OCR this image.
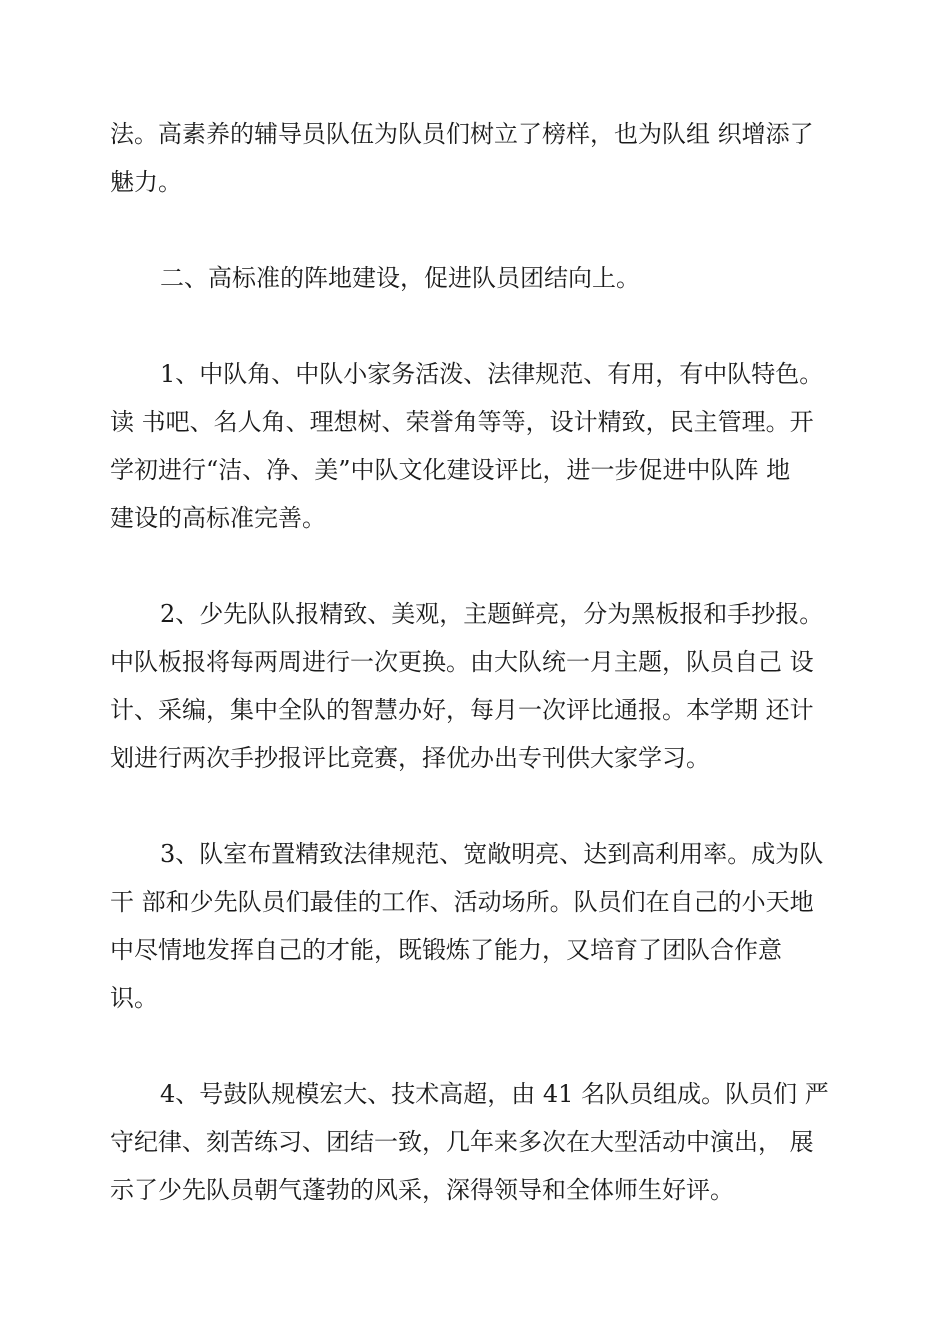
法。高素养的辅导员队伍为队员们树立了榜样，也为队组 织增添了
魅力。
二、高标准的阵地建设，促进队员团结向上。
1、中队角、中队小家务活泼、法律规范、有用，有中队特色。
读 书吧、名人角、理想树、荣誉角等等，设计精致，民主管理。开
学初进行“洁、净、美”中队文化建设评比，进一步促进中队阵 地
建设的高标准完善。
2、少先队队报精致、美观，主题鲜亮，分为黑板报和手抄报。
中队板报将每两周进行一次更换。由大队统一月主题，队员自己 设
计、采编，集中全队的智慧办好，每月一次评比通报。本学期 还计
划进行两次手抄报评比竞赛，择优办出专刊供大家学习。
3、队室布置精致法律规范、宽敞明亮、达到高利用率。成为队
干 部和少先队员们最佳的工作、活动场所。队员们在自己的小天地
中尽情地发挥自己的才能，既锻炼了能力，又培育了团队合作意
识。
4、号鼓队规模宏大、技术高超，由 41 名队员组成。队员们 严
守纪律、刻苦练习、团结一致，几年来多次在大型活动中演出， 展
示了少先队员朝气蓬勃的风采，深得领导和全体师生好评。
